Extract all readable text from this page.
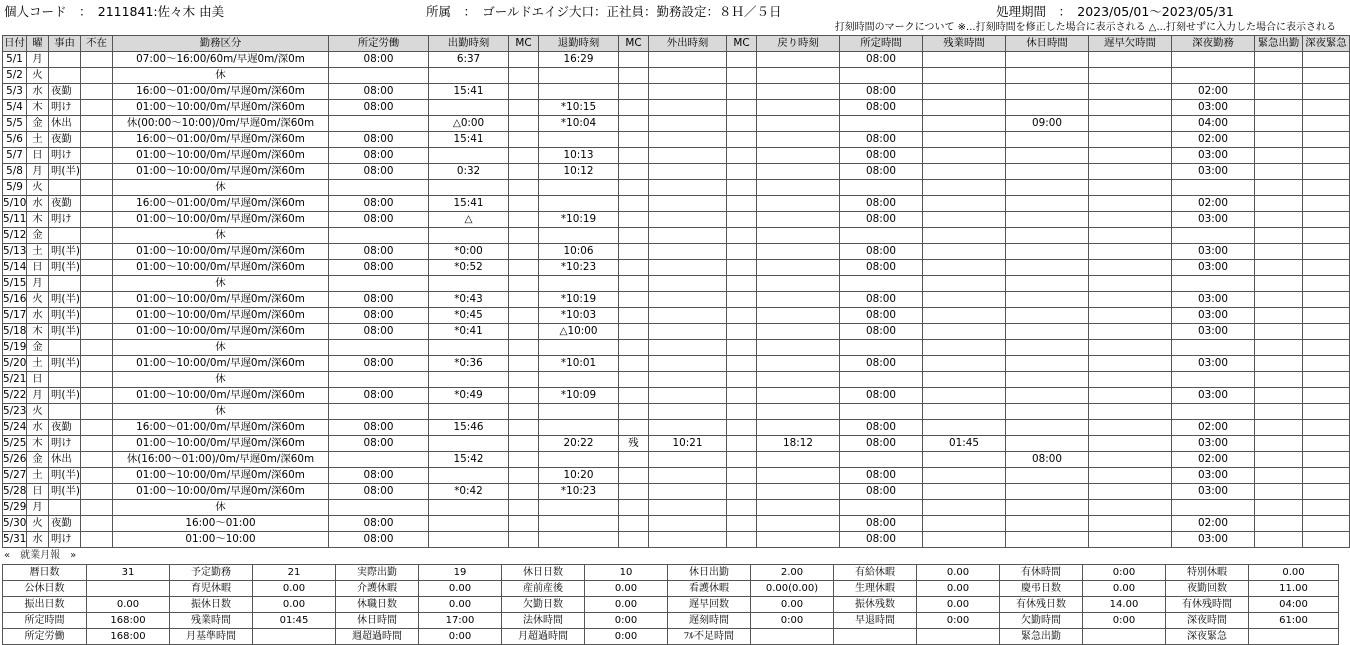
個人コード　：　2111841:佐々木 由美	所属　：　ゴールドエイジ大口：正社員：勤務設定：８Ｈ／５日	処理期間　：　2023/05/01～2023/05/31
打刻時間のマークについて ※...打刻時間を修正した場合に表示される △...打刻せずに入力した場合に表示される
日付	曜	事由	不在	勤務区分	所定労働	出勤時刻	MC	退勤時刻	MC	外出時刻	MC	戻り時刻	所定時間	残業時間	休日時間	遅早欠時間	深夜勤務	緊急出勤	深夜緊急
5/1	月			07:00～16:00/60m/早遅0m/深0m	08:00	6:37		16:29					08:00						
5/2	火			休															
5/3	水	夜勤		16:00～01:00/0m/早遅0m/深60m	08:00	15:41							08:00				02:00		
5/4	木	明け		01:00～10:00/0m/早遅0m/深60m	08:00			*10:15					08:00				03:00		
5/5	金	休出		休(00:00～10:00)/0m/早遅0m/深60m		△0:00		*10:04							09:00		04:00		
5/6	土	夜勤		16:00～01:00/0m/早遅0m/深60m	08:00	15:41							08:00				02:00		
5/7	日	明け		01:00～10:00/0m/早遅0m/深60m	08:00			10:13					08:00				03:00		
5/8	月	明(半)		01:00～10:00/0m/早遅0m/深60m	08:00	0:32		10:12					08:00				03:00		
5/9	火			休															
5/10	水	夜勤		16:00～01:00/0m/早遅0m/深60m	08:00	15:41							08:00				02:00		
5/11	木	明け		01:00～10:00/0m/早遅0m/深60m	08:00	△		*10:19					08:00				03:00		
5/12	金			休															
5/13	土	明(半)		01:00～10:00/0m/早遅0m/深60m	08:00	*0:00		10:06					08:00				03:00		
5/14	日	明(半)		01:00～10:00/0m/早遅0m/深60m	08:00	*0:52		*10:23					08:00				03:00		
5/15	月			休															
5/16	火	明(半)		01:00～10:00/0m/早遅0m/深60m	08:00	*0:43		*10:19					08:00				03:00		
5/17	水	明(半)		01:00～10:00/0m/早遅0m/深60m	08:00	*0:45		*10:03					08:00				03:00		
5/18	木	明(半)		01:00～10:00/0m/早遅0m/深60m	08:00	*0:41		△10:00					08:00				03:00		
5/19	金			休															
5/20	土	明(半)		01:00～10:00/0m/早遅0m/深60m	08:00	*0:36		*10:01					08:00				03:00		
5/21	日			休															
5/22	月	明(半)		01:00～10:00/0m/早遅0m/深60m	08:00	*0:49		*10:09					08:00				03:00		
5/23	火			休															
5/24	水	夜勤		16:00～01:00/0m/早遅0m/深60m	08:00	15:46							08:00				02:00		
5/25	木	明け		01:00～10:00/0m/早遅0m/深60m	08:00			20:22	残	10:21		18:12	08:00	01:45			03:00		
5/26	金	休出		休(16:00～01:00)/0m/早遅0m/深60m		15:42									08:00		02:00		
5/27	土	明(半)		01:00～10:00/0m/早遅0m/深60m	08:00			10:20					08:00				03:00		
5/28	日	明(半)		01:00～10:00/0m/早遅0m/深60m	08:00	*0:42		*10:23					08:00				03:00		
5/29	月			休															
5/30	火	夜勤		16:00～01:00	08:00								08:00				02:00		
5/31	水	明け		01:00～10:00	08:00								08:00				03:00		
«　就業月報　»
暦日数	31	予定勤務	21	実際出勤	19	休日日数	10	休日出勤	2.00	有給休暇	0.00	有休時間	0:00	特別休暇	0.00
公休日数		育児休暇	0.00	介護休暇	0.00	産前産後	0.00	看護休暇	0.00(0.00)	生理休暇	0.00	慶弔日数	0.00	夜勤回数	11.00
振出日数	0.00	振休日数	0.00	休職日数	0.00	欠勤日数	0.00	遅早回数	0.00	振休残数	0.00	有休残日数	14.00	有休残時間	04:00
所定時間	168:00	残業時間	01:45	休日時間	17:00	法休時間	0:00	遅刻時間	0:00	早退時間	0:00	欠勤時間	0:00	深夜時間	61:00
所定労働	168:00	月基準時間		週超過時間	0:00	月超過時間	0:00	ﾌﾙ不足時間				緊急出勤		深夜緊急	
